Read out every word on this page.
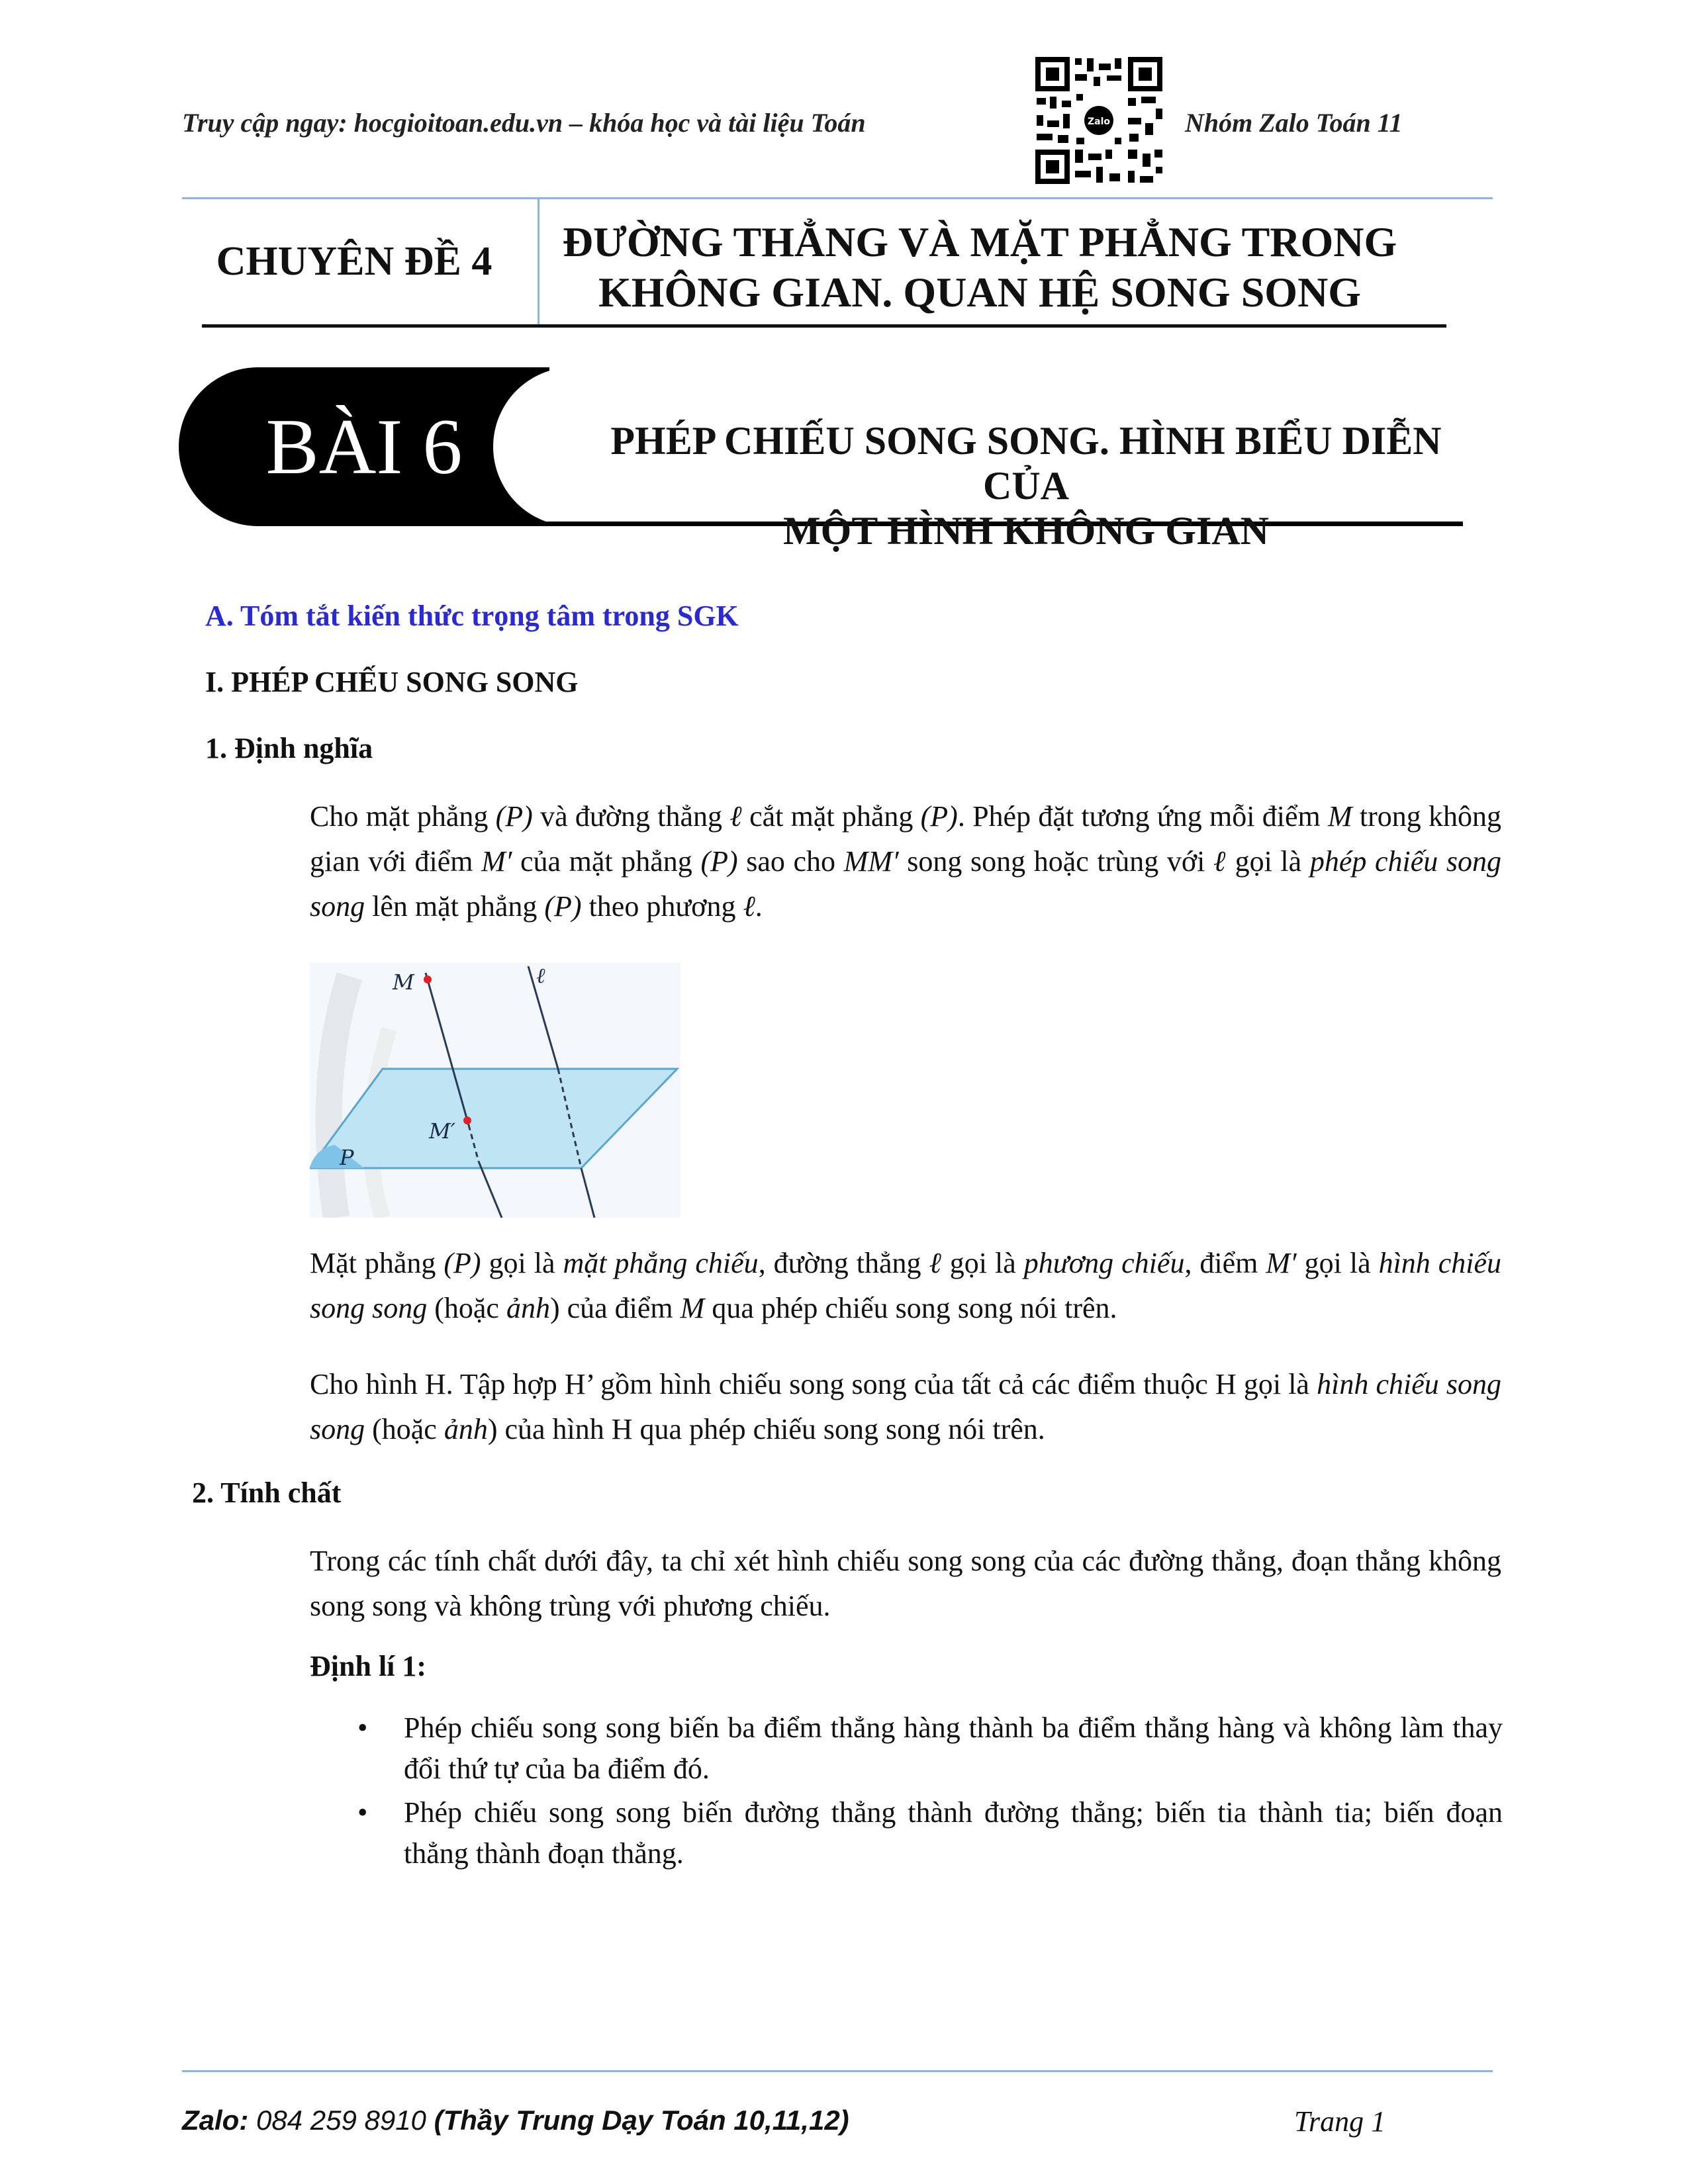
Truy cập ngay: hocgioitoan.edu.vn – khóa học và tài liệu Toán	Zalo	Nhóm Zalo Toán 11
CHUYÊN ĐỀ 4	ĐƯỜNG THẲNG VÀ MẶT PHẲNG TRONG
KHÔNG GIAN. QUAN HỆ SONG SONG
BÀI 6	PHÉP CHIẾU SONG SONG. HÌNH BIỂU DIỄN CỦA
MỘT HÌNH KHÔNG GIAN
A. Tóm tắt kiến thức trọng tâm trong SGK
I. PHÉP CHẾU SONG SONG
1. Định nghĩa
Cho mặt phẳng (P) và đường thẳng ℓ cắt mặt phẳng (P). Phép đặt tương ứng mỗi điểm M trong không gian với điểm M′ của mặt phẳng (P) sao cho MM′ song song hoặc trùng với ℓ gọi là phép chiếu song song lên mặt phẳng (P) theo phương ℓ.
M
M′
ℓ
P
Mặt phẳng (P) gọi là mặt phẳng chiếu, đường thẳng ℓ gọi là phương chiếu, điểm M′ gọi là hình chiếu song song (hoặc ảnh) của điểm M qua phép chiếu song song nói trên.
Cho hình H. Tập hợp H’ gồm hình chiếu song song của tất cả các điểm thuộc H gọi là hình chiếu song song (hoặc ảnh) của hình H qua phép chiếu song song nói trên.
2. Tính chất
Trong các tính chất dưới đây, ta chỉ xét hình chiếu song song của các đường thẳng, đoạn thẳng không song song và không trùng với phương chiếu.
Định lí 1:
• Phép chiếu song song biến ba điểm thẳng hàng thành ba điểm thẳng hàng và không làm thay đổi thứ tự của ba điểm đó.
• Phép chiếu song song biến đường thẳng thành đường thẳng; biến tia thành tia; biến đoạn thẳng thành đoạn thẳng.
Zalo: 084 259 8910 (Thầy Trung Dạy Toán 10,11,12)	Trang 1
